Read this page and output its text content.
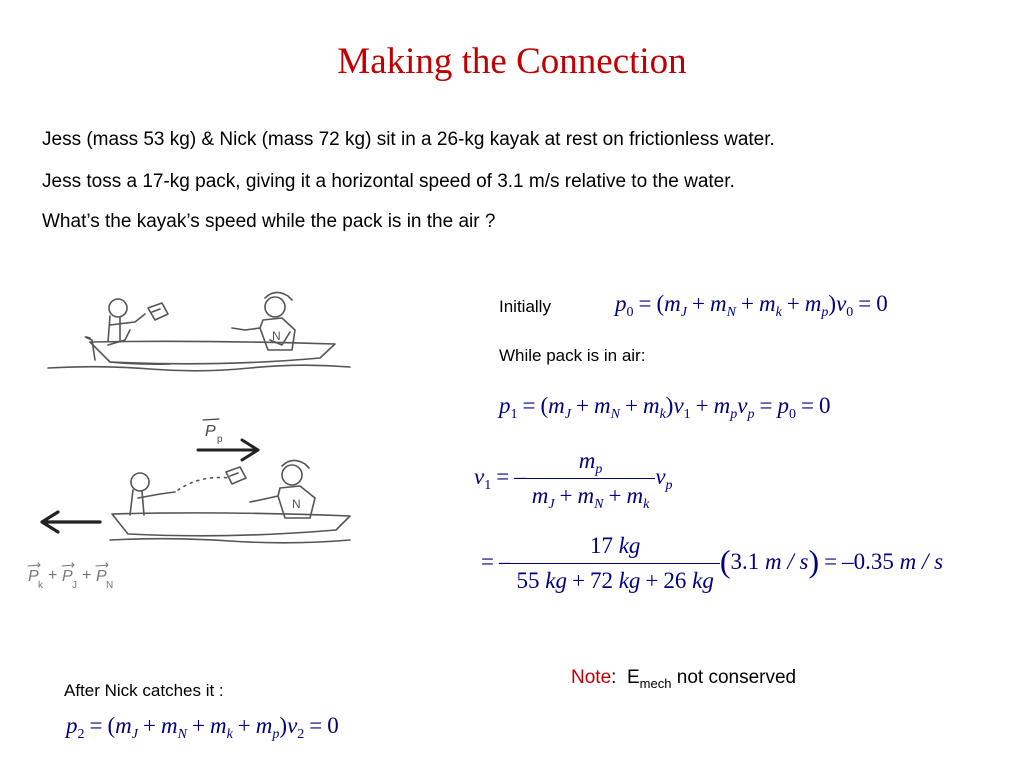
Making the Connection
Jess (mass 53 kg) & Nick (mass 72 kg) sit in a 26-kg kayak at rest on frictionless water.
Jess toss a 17-kg pack, giving it a horizontal speed of 3.1 m/s relative to the water.
What’s the kayak’s speed while the pack is in the air ?
N
P p
N
P
k
+ P
J
+ P
N
Initially
While pack is in air:
$p_0 = (m_J + m_N + m_k + m_p)v_0 = 0$
$p_1 = (m_J + m_N + m_k)v_1 + m_pv_p = p_0 = 0$
$v_1$ = – $\frac{m_p}{m_J + m_N + m_k} v_p$
= – $\frac{17 kg}{55 kg + 72 kg + 26 kg} (3.1$ m / s) = –0.35 m / s
Note: $E_{mech}$ not conserved
After Nick catches it :
$p_2 = (m_J + m_N + m_k + m_p)v_2 = 0$
